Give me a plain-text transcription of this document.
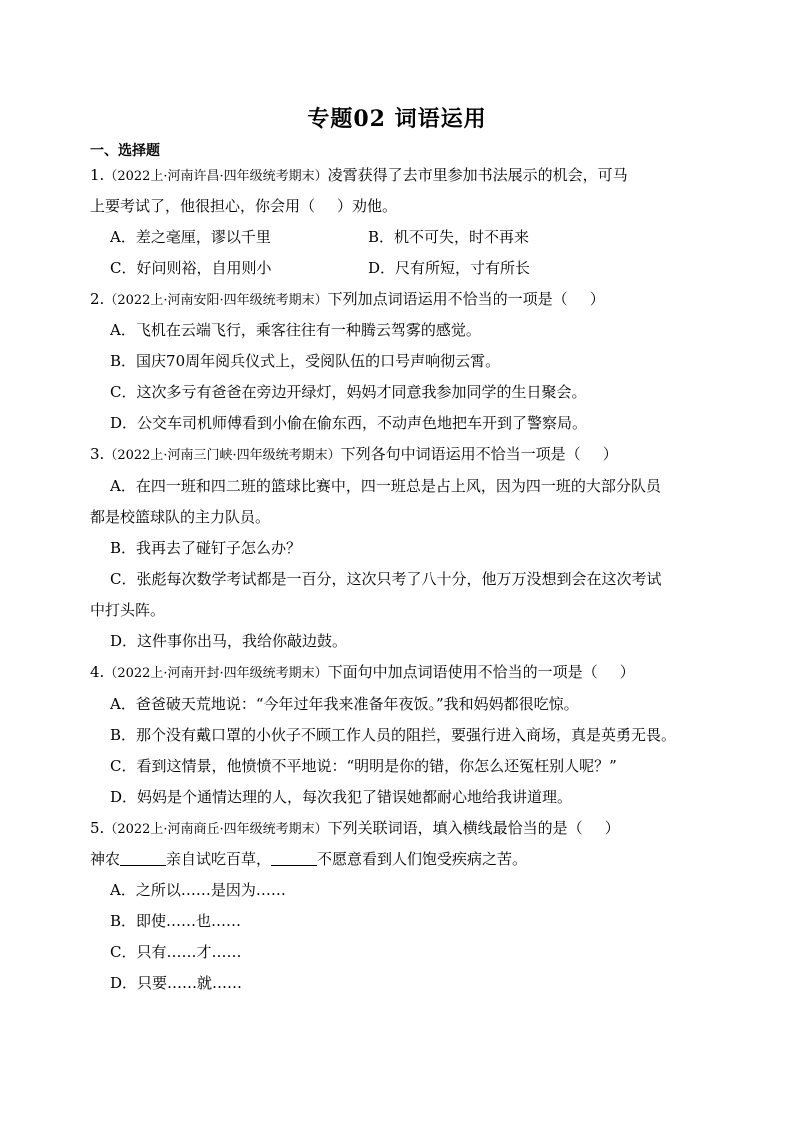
专题02 词语运用
一、选择题
1.（2022上·河南许昌·四年级统考期末）凌霄获得了去市里参加书法展示的机会，可马
上要考试了，他很担心，你会用（ ）劝他。
A．差之毫厘，谬以千里	B．机不可失，时不再来
C．好问则裕，自用则小	D．尺有所短，寸有所长
2.（2022上·河南安阳·四年级统考期末）下列加点词语运用不恰当的一项是（ ）
A．飞机在云端飞行，乘客往往有一种腾云驾雾的感觉。
B．国庆70周年阅兵仪式上，受阅队伍的口号声响彻云霄。
C．这次多亏有爸爸在旁边开绿灯，妈妈才同意我参加同学的生日聚会。
D．公交车司机师傅看到小偷在偷东西，不动声色地把车开到了警察局。
3.（2022上·河南三门峡·四年级统考期末）下列各句中词语运用不恰当一项是（ ）
A．在四一班和四二班的篮球比赛中，四一班总是占上风，因为四一班的大部分队员
都是校篮球队的主力队员。
B．我再去了碰钉子怎么办？
C．张彪每次数学考试都是一百分，这次只考了八十分，他万万没想到会在这次考试
中打头阵。
D．这件事你出马，我给你敲边鼓。
4.（2022上·河南开封·四年级统考期末）下面句中加点词语使用不恰当的一项是（ ）
A．爸爸破天荒地说：“今年过年我来准备年夜饭。”我和妈妈都很吃惊。
B．那个没有戴口罩的小伙子不顾工作人员的阻拦，要强行进入商场，真是英勇无畏。
C．看到这情景，他愤愤不平地说：“明明是你的错，你怎么还冤枉别人呢？”
D．妈妈是个通情达理的人，每次我犯了错误她都耐心地给我讲道理。
5.（2022上·河南商丘·四年级统考期末）下列关联词语，填入横线最恰当的是（ ）
神农	亲自试吃百草，	不愿意看到人们饱受疾病之苦。
A．之所以……是因为……
B．即使……也……
C．只有……才……
D．只要……就……
